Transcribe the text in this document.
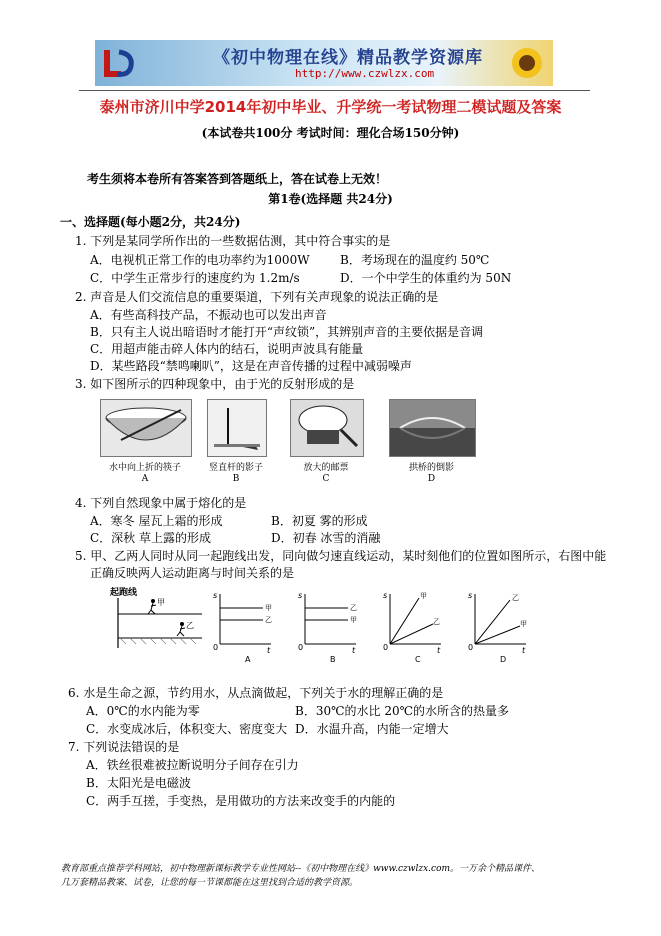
《初中物理在线》精品教学资源库
http://www.czwlzx.com
泰州市济川中学2014年初中毕业、升学统一考试物理二模试题及答案
(本试卷共100分 考试时间：理化合场150分钟)
考生须将本卷所有答案答到答题纸上，答在试卷上无效！
第1卷(选择题 共24分)
一、选择题(每小题2分，共24分)
1. 下列是某同学所作出的一些数据估测，其中符合事实的是
A．电视机正常工作的电功率约为1000W	B．考场现在的温度约 50℃
C．中学生正常步行的速度约为 1.2m/s	D．一个中学生的体重约为 50N
2. 声音是人们交流信息的重要渠道，下列有关声现象的说法正确的是
A．有些高科技产品，不振动也可以发出声音
B．只有主人说出暗语时才能打开“声纹锁”，其辨别声音的主要依据是音调
C．用超声能击碎人体内的结石，说明声波具有能量
D．某些路段“禁鸣喇叭”，这是在声音传播的过程中减弱噪声
3. 如下图所示的四种现象中，由于光的反射形成的是
水中向上折的筷子	竖直杆的影子	放大的邮票	拱桥的倒影
A	B	C	D
4. 下列自然现象中属于熔化的是
A．寒冬 屋瓦上霜的形成	B．初夏 雾的形成
C．深秋 草上露的形成	D．初春 冰雪的消融
5. 甲、乙两人同时从同一起跑线出发，同向做匀速直线运动，某时刻他们的位置如图所示，右图中能
正确反映两人运动距离与时间关系的是
起跑线
甲
乙
s
0	t
甲
乙
A
s
0	t
乙
甲
B
s
0	t
甲
乙
C
s
0	t
乙
甲
D
6. 水是生命之源，节约用水，从点滴做起，下列关于水的理解正确的是
A．0℃的水内能为零	B．30℃的水比 20℃的水所含的热量多
C．水变成冰后，体积变大、密度变大 D．水温升高，内能一定增大
7. 下列说法错误的是
A．铁丝很难被拉断说明分子间存在引力
B．太阳光是电磁波
C．两手互搓，手变热，是用做功的方法来改变手的内能的
教育部重点推荐学科网站，初中物理新课标教学专业性网站--《初中物理在线》www.czwlzx.com。一万余个精品课件、
几万套精品教案、试卷，让您的每一节课都能在这里找到合适的教学资源。
